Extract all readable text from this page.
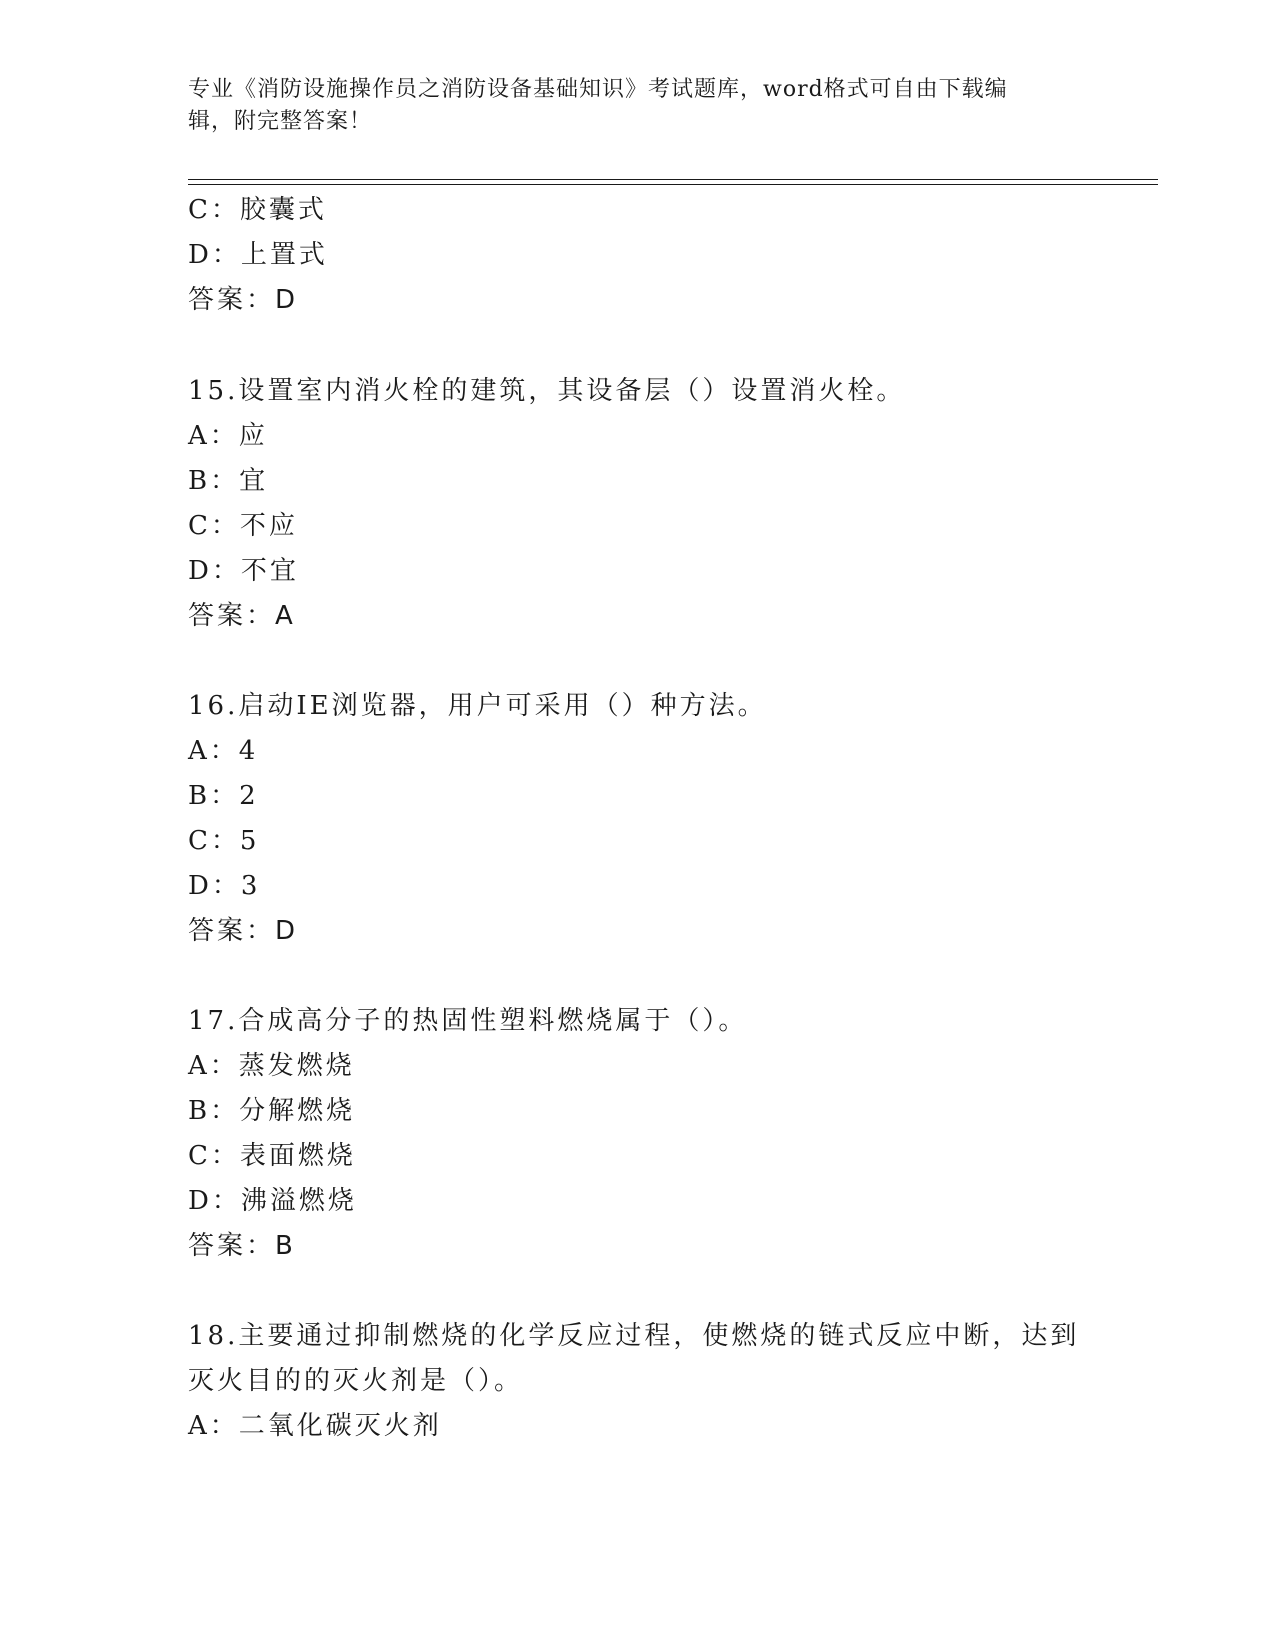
专业《消防设施操作员之消防设备基础知识》考试题库，word格式可自由下载编
辑，附完整答案！
C：胶囊式
D：上置式
答案：D
15.设置室内消火栓的建筑，其设备层（）设置消火栓。
A：应
B：宜
C：不应
D：不宜
答案：A
16.启动IE浏览器，用户可采用（）种方法。
A：4
B：2
C：5
D：3
答案：D
17.合成高分子的热固性塑料燃烧属于（）。
A：蒸发燃烧
B：分解燃烧
C：表面燃烧
D：沸溢燃烧
答案：B
18.主要通过抑制燃烧的化学反应过程，使燃烧的链式反应中断，达到
灭火目的的灭火剂是（）。
A：二氧化碳灭火剂
